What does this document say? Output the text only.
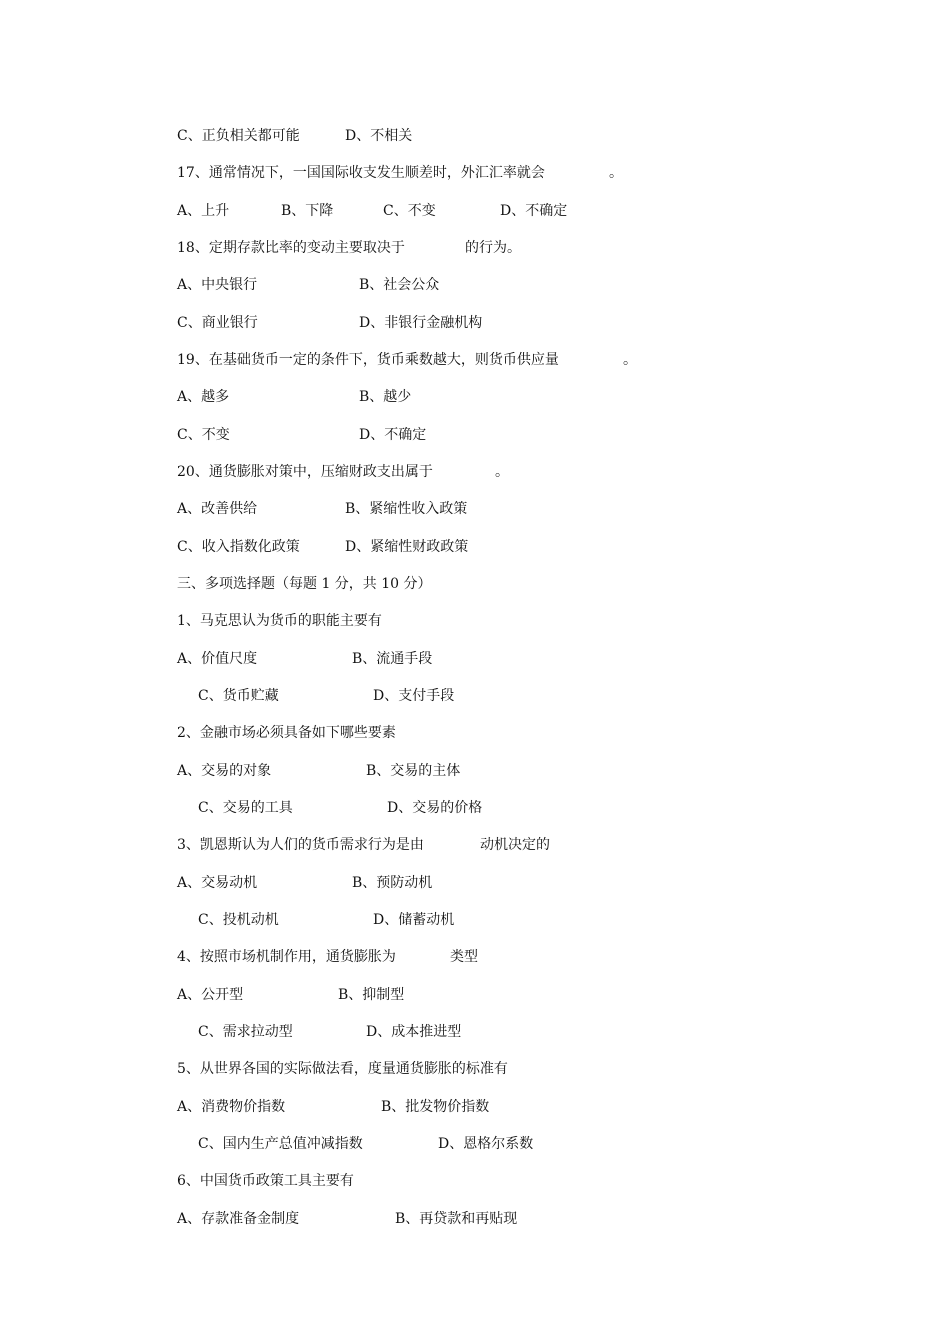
C、正负相关都可能

	D、不相关

17、通常情况下，一国国际收支发生顺差时，外汇汇率就会

	。

A、上升

	B、下降

	C、不变

	D、不确定

18、定期存款比率的变动主要取决于

	的行为。

A、中央银行

	B、社会公众

C、商业银行

	D、非银行金融机构

19、在基础货币一定的条件下，货币乘数越大，则货币供应量

	。

A、越多

	B、越少

C、不变

	D、不确定

20、通货膨胀对策中，压缩财政支出属于

	。

A、改善供给

	B、紧缩性收入政策

C、收入指数化政策

	D、紧缩性财政政策

三、多项选择题（每题 1 分，共 10 分）

1、马克思认为货币的职能主要有

A、价值尺度

	B、流通手段

C、货币贮藏

	D、支付手段

2、金融市场必须具备如下哪些要素

A、交易的对象

	B、交易的主体

C、交易的工具

	D、交易的价格

3、凯恩斯认为人们的货币需求行为是由

	动机决定的

A、交易动机

	B、预防动机

C、投机动机

	D、储蓄动机

4、按照市场机制作用，通货膨胀为

	类型

A、公开型

	B、抑制型

C、需求拉动型

	D、成本推进型

5、从世界各国的实际做法看，度量通货膨胀的标准有

A、消费物价指数

	B、批发物价指数

C、国内生产总值冲减指数

	D、恩格尔系数

6、中国货币政策工具主要有

A、存款准备金制度

	B、再贷款和再贴现
